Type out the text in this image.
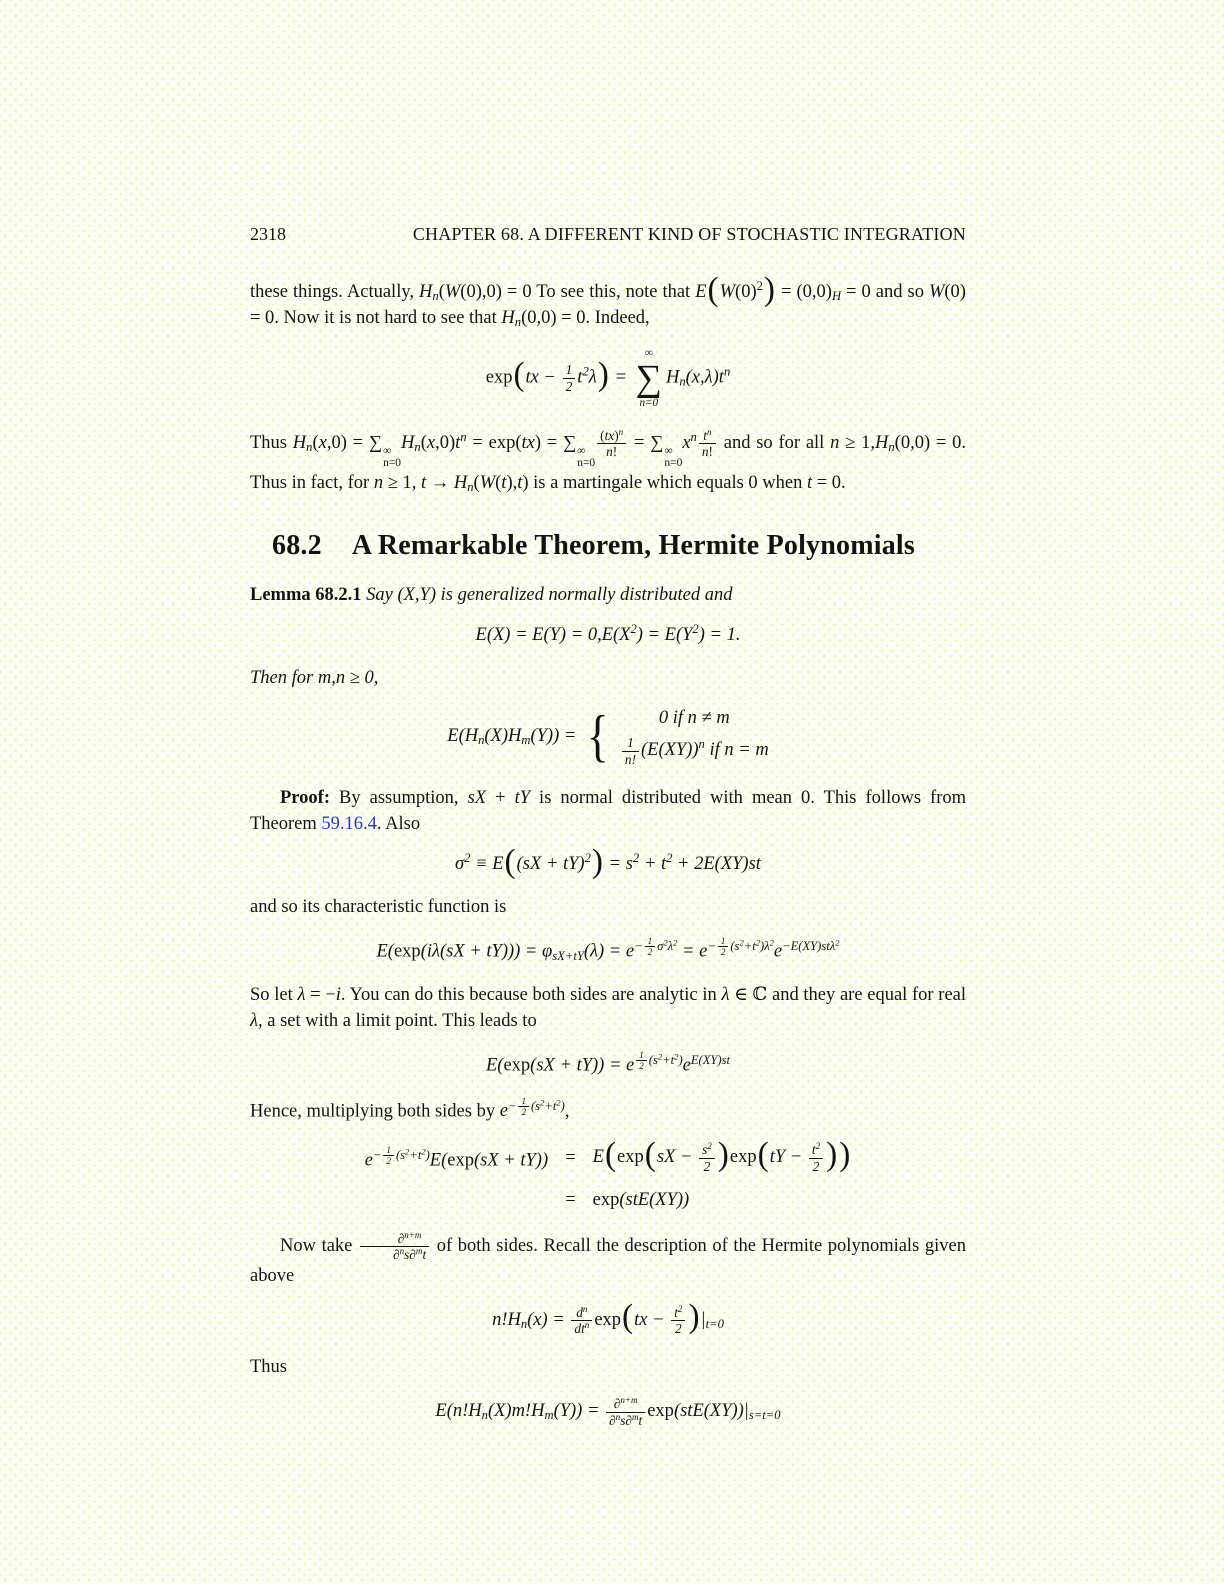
2318	CHAPTER 68. A DIFFERENT KIND OF STOCHASTIC INTEGRATION

these things. Actually, $H_n(W(0),0) = 0$ To see this, note that $E(W(0)^2) = (0,0)_H = 0$ and so W(0) = 0. Now it is not hard to see that $H_n(0,0) = 0$. Indeed,

$\exp(tx - \frac{1}{2} t^2\lambda)$ =
∞
∑
n=0
$H_n(x,\lambda)t^n$

Thus $H_n(x,0)$ = ∑ ∞
n=0
$H_n(x,0)t^n = \exp(tx)$ = ∑ ∞
n=0
$\frac{(tx)^n}{n!}$ = ∑ ∞
n=0
$x^n \frac{t^n}{n!}$ and so for all $n \ge 1,H_n(0,0) = 0$. Thus in fact, for n ≥ 1, $t \to H_n(W(t),t)$ is a martingale which equals 0 when t = 0.

68.2 A Remarkable Theorem, Hermite Polynomials

Lemma 68.2.1 Say (X,Y) is generalized normally distributed and

$E(X) = E(Y) = 0,E(X^2) = E(Y^2) = 1$.

Then for m,n ≥ 0,

$E(H_n(X)H_m(Y))$ = {	0 if n ≠ m
$\frac{1}{n!} (E(XY))^n$ if n = m

Proof: By assumption, sX + tY is normal distributed with mean 0. This follows from Theorem 59.16.4. Also

$\sigma^2 \equiv E((sX + tY)^2) = s^2 + t^2 + 2E(XY)st$

and so its characteristic function is

$E(\exp(i\lambda(sX + tY))) = \varphi_{sX+tY}(\lambda) = e^{- \frac{1}{2} \sigma^2\lambda^2} = e^{- \frac{1}{2} (s^2+t^2)\lambda^2}e^{-E(XY)st\lambda^2}$

So let λ = −i. You can do this because both sides are analytic in λ ∈ ℂ and they are equal for real λ, a set with a limit point. This leads to

E(exp(sX + tY)) = e $^{\frac{1}{2} (s^2+t^2)}e^{E(XY)st}$

Hence, multiplying both sides by $e^{- \frac{1}{2} (s^2+t^2)}$,

$e^{- \frac{1}{2} (s^2+t^2)}E(\exp(sX + tY)) = E(\exp(sX - \frac{s^2}{2} )\exp(tY - \frac{t^2}{2}$ ))
= exp(stE(XY))

Now take $\frac{\partial^{n+m}}{\partial^ns\partial^mt}$ of both sides. Recall the description of the Hermite polynomials given above

$n!H_n(x) = \frac{d^n}{dt^n} \exp(tx - \frac{t^2}{2} )|_{t=0}$

Thus

$E(n!H_n(X)m!H_m(Y)) = \frac{\partial^{n+m}}{\partial^ns\partial^mt} \exp(stE(XY))|_{s=t=0}$
